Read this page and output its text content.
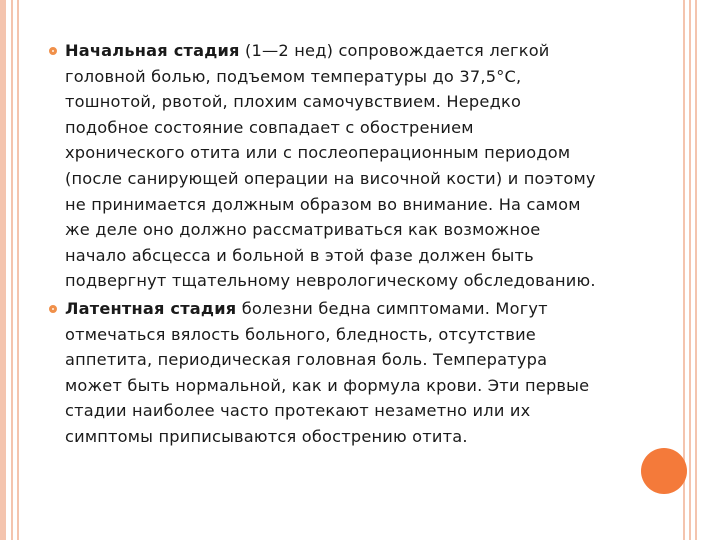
Начальная стадия (1—2 нед) сопровождается легкой
головной болью, подъемом температуры до 37,5°С,
тошнотой, рвотой, плохим самочувствием. Нередко
подобное состояние совпадает с обострением
хронического отита или с послеоперационным периодом
(после санирующей операции на височной кости) и поэтому
не принимается должным образом во внимание. На самом
же деле оно должно рассматриваться как возможное
начало абсцесса и больной в этой фазе должен быть
подвергнут тщательному неврологическому обследованию.
Латентная стадия болезни бедна симптомами. Могут
отмечаться вялость больного, бледность, отсутствие
аппетита, периодическая головная боль. Температура
может быть нормальной, как и формула крови. Эти первые
стадии наиболее часто протекают незаметно или их
симптомы приписываются обострению отита.
